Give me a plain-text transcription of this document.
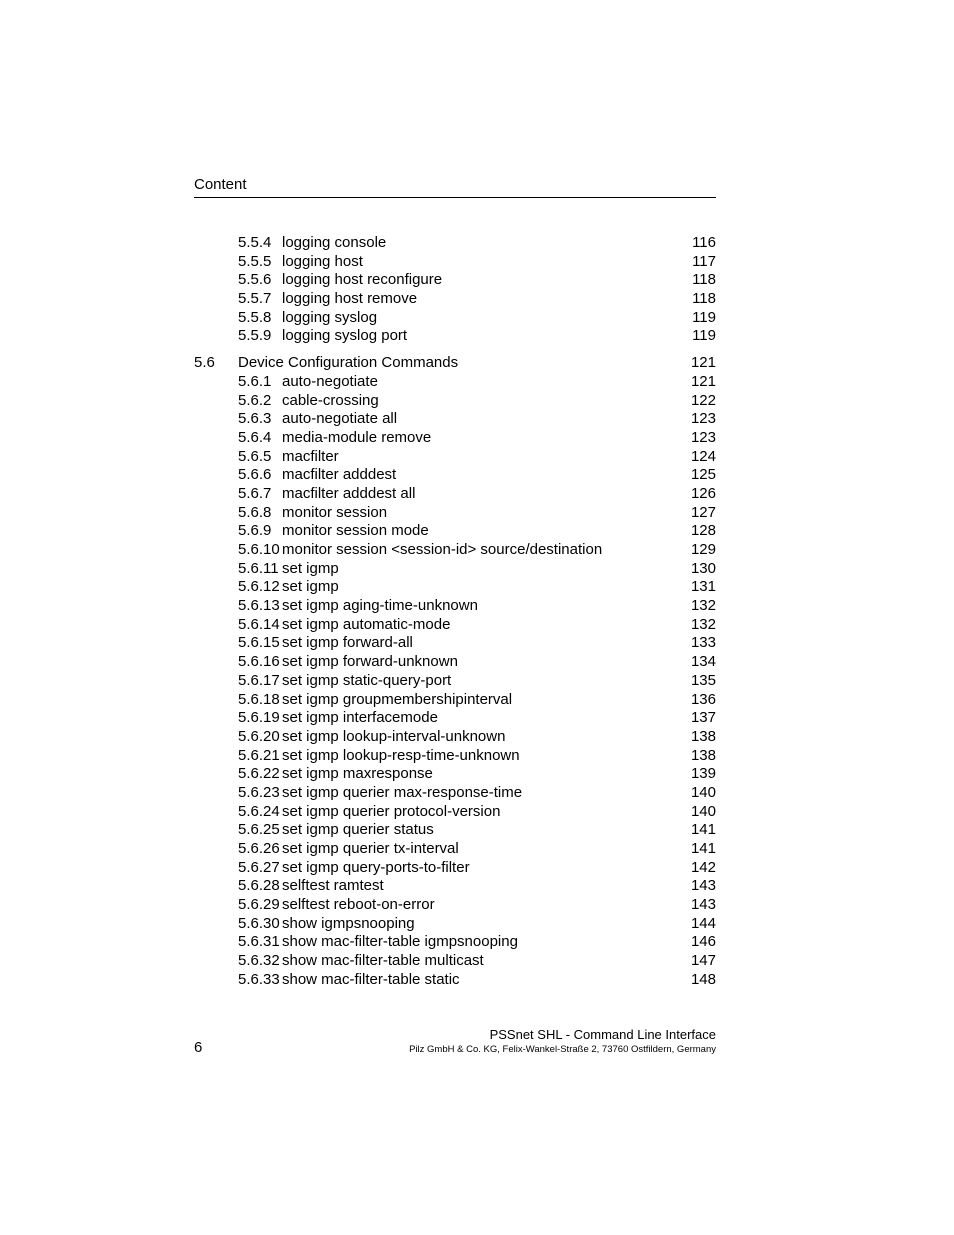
Content
5.5.4 logging console	116
5.5.5 logging host	117
5.5.6 logging host reconfigure	118
5.5.7 logging host remove	118
5.5.8 logging syslog	119
5.5.9 logging syslog port	119
5.6 Device Configuration Commands	121
5.6.1 auto-negotiate	121
5.6.2 cable-crossing	122
5.6.3 auto-negotiate all	123
5.6.4 media-module remove	123
5.6.5 macfilter	124
5.6.6 macfilter adddest	125
5.6.7 macfilter adddest all	126
5.6.8 monitor session	127
5.6.9 monitor session mode	128
5.6.10 monitor session <session-id> source/destination	129
5.6.11 set igmp	130
5.6.12 set igmp	131
5.6.13 set igmp aging-time-unknown	132
5.6.14 set igmp automatic-mode	132
5.6.15 set igmp forward-all	133
5.6.16 set igmp forward-unknown	134
5.6.17 set igmp static-query-port	135
5.6.18 set igmp groupmembershipinterval	136
5.6.19 set igmp interfacemode	137
5.6.20 set igmp lookup-interval-unknown	138
5.6.21 set igmp lookup-resp-time-unknown	138
5.6.22 set igmp maxresponse	139
5.6.23 set igmp querier max-response-time	140
5.6.24 set igmp querier protocol-version	140
5.6.25 set igmp querier status	141
5.6.26 set igmp querier tx-interval	141
5.6.27 set igmp query-ports-to-filter	142
5.6.28 selftest ramtest	143
5.6.29 selftest reboot-on-error	143
5.6.30 show igmpsnooping	144
5.6.31 show mac-filter-table igmpsnooping	146
5.6.32 show mac-filter-table multicast	147
5.6.33 show mac-filter-table static	148
6
PSSnet SHL - Command Line Interface
Pilz GmbH & Co. KG, Felix-Wankel-Straße 2, 73760 Ostfildern, Germany
